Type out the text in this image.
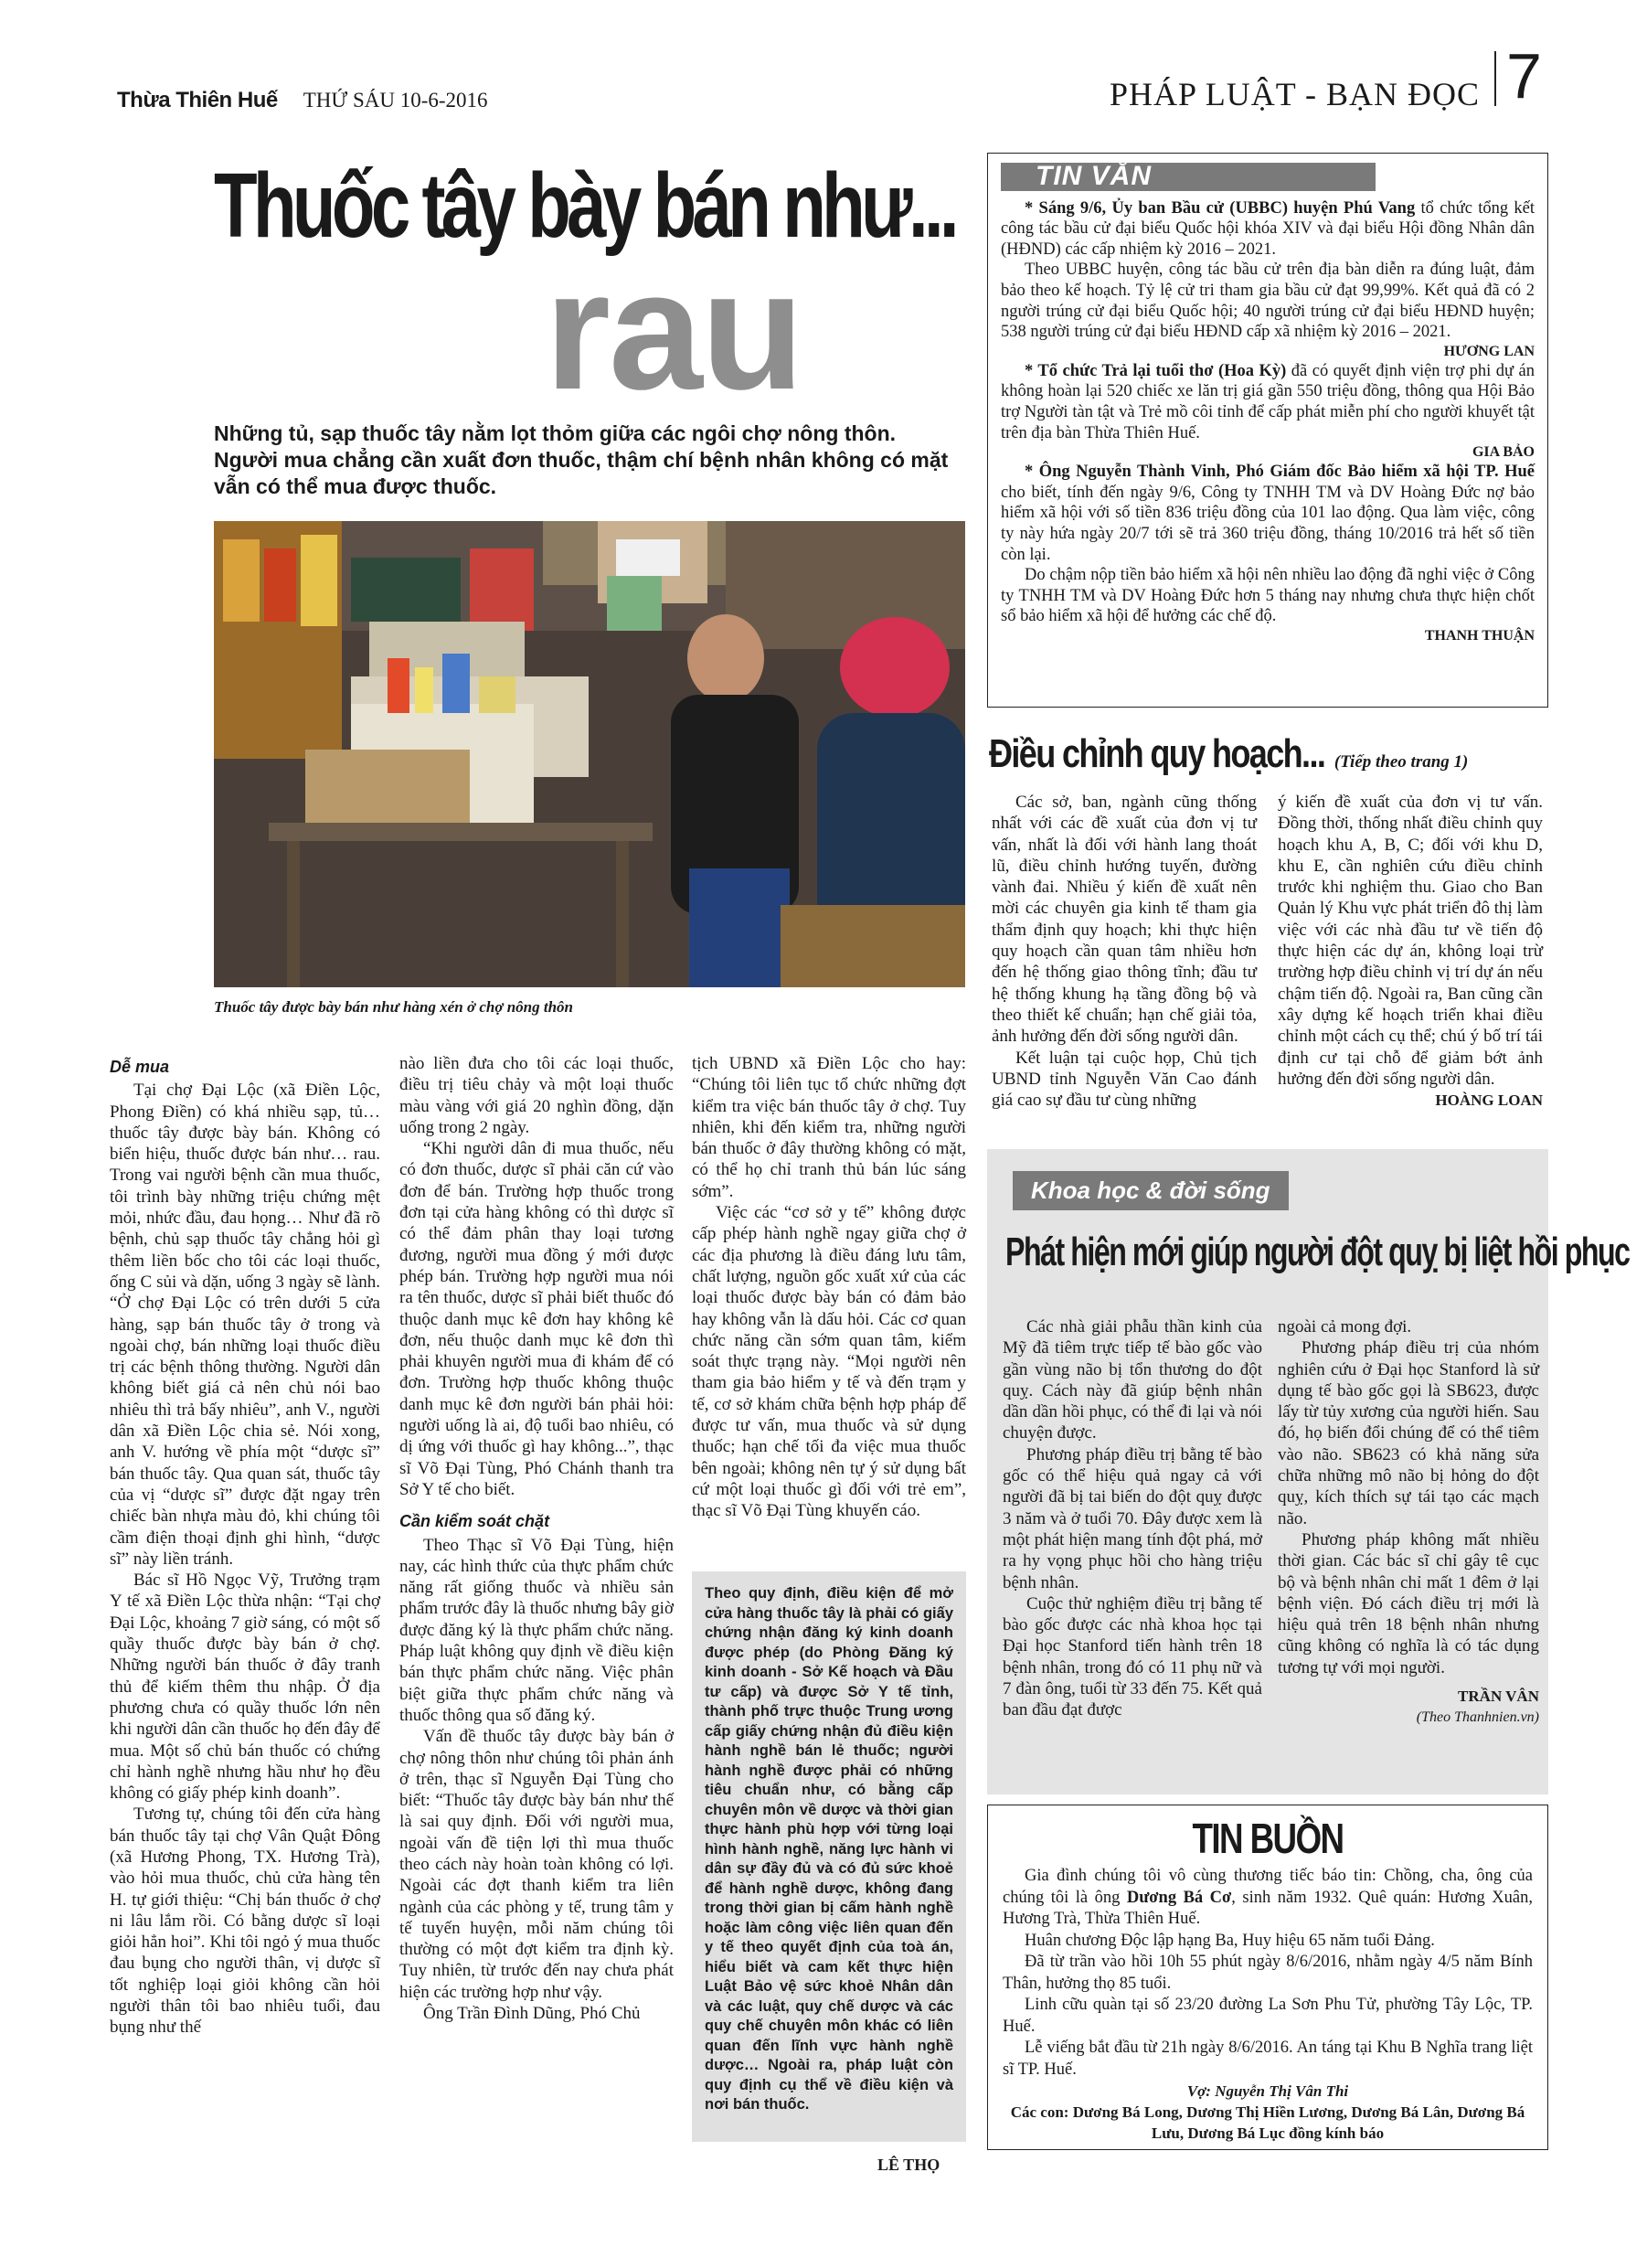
Thừa Thiên Huế THỨ SÁU 10-6-2016	PHÁP LUẬT - BẠN ĐỌC 7
Thuốc tây bày bán như...
rau
Những tủ, sạp thuốc tây nằm lọt thỏm giữa các ngôi chợ nông thôn. Người mua chẳng cần xuất đơn thuốc, thậm chí bệnh nhân không có mặt vẫn có thể mua được thuốc.
Thuốc tây được bày bán như hàng xén ở chợ nông thôn
Dễ mua

Tại chợ Đại Lộc (xã Điền Lộc, Phong Điền) có khá nhiều sạp, tủ… thuốc tây được bày bán. Không có biển hiệu, thuốc được bán như… rau. Trong vai người bệnh cần mua thuốc, tôi trình bày những triệu chứng mệt mỏi, nhức đầu, đau họng… Như đã rõ bệnh, chủ sạp thuốc tây chẳng hỏi gì thêm liền bốc cho tôi các loại thuốc, ống C sủi và dặn, uống 3 ngày sẽ lành. “Ở chợ Đại Lộc có trên dưới 5 cửa hàng, sạp bán thuốc tây ở trong và ngoài chợ, bán những loại thuốc điều trị các bệnh thông thường. Người dân không biết giá cả nên chủ nói bao nhiêu thì trả bấy nhiêu”, anh V., người dân xã Điền Lộc chia sẻ. Nói xong, anh V. hướng về phía một “dược sĩ” bán thuốc tây. Qua quan sát, thuốc tây của vị “dược sĩ” được đặt ngay trên chiếc bàn nhựa màu đỏ, khi chúng tôi cầm điện thoại định ghi hình, “dược sĩ” này liền tránh.

Bác sĩ Hồ Ngọc Vỹ, Trưởng trạm Y tế xã Điền Lộc thừa nhận: “Tại chợ Đại Lộc, khoảng 7 giờ sáng, có một số quầy thuốc được bày bán ở chợ. Những người bán thuốc ở đây tranh thủ để kiếm thêm thu nhập. Ở địa phương chưa có quầy thuốc lớn nên khi người dân cần thuốc họ đến đây để mua. Một số chủ bán thuốc có chứng chỉ hành nghề nhưng hầu như họ đều không có giấy phép kinh doanh”.

Tương tự, chúng tôi đến cửa hàng bán thuốc tây tại chợ Vân Quật Đông (xã Hương Phong, TX. Hương Trà), vào hỏi mua thuốc, chủ cửa hàng tên H. tự giới thiệu: “Chị bán thuốc ở chợ ni lâu lắm rồi. Có bằng dược sĩ loại giỏi hẳn hoi”. Khi tôi ngỏ ý mua thuốc đau bụng cho người thân, vị dược sĩ tốt nghiệp loại giỏi không cần hỏi người thân tôi bao nhiêu tuổi, đau bụng như thế

nào liền đưa cho tôi các loại thuốc, điều trị tiêu chảy và một loại thuốc màu vàng với giá 20 nghìn đồng, dặn uống trong 2 ngày.

“Khi người dân đi mua thuốc, nếu có đơn thuốc, dược sĩ phải căn cứ vào đơn để bán. Trường hợp thuốc trong đơn tại cửa hàng không có thì dược sĩ có thể đảm phân thay loại tương đương, người mua đồng ý mới được phép bán. Trường hợp người mua nói ra tên thuốc, dược sĩ phải biết thuốc đó thuộc danh mục kê đơn hay không kê đơn, nếu thuộc danh mục kê đơn thì phải khuyên người mua đi khám để có đơn. Trường hợp thuốc không thuộc danh mục kê đơn người bán phải hỏi: người uống là ai, độ tuổi bao nhiêu, có dị ứng với thuốc gì hay không...”, thạc sĩ Võ Đại Tùng, Phó Chánh thanh tra Sở Y tế cho biết.

Cần kiểm soát chặt

Theo Thạc sĩ Võ Đại Tùng, hiện nay, các hình thức của thực phẩm chức năng rất giống thuốc và nhiều sản phẩm trước đây là thuốc nhưng bây giờ được đăng ký là thực phẩm chức năng. Pháp luật không quy định về điều kiện bán thực phẩm chức năng. Việc phân biệt giữa thực phẩm chức năng và thuốc thông qua số đăng ký.

Vấn đề thuốc tây được bày bán ở chợ nông thôn như chúng tôi phản ánh ở trên, thạc sĩ Nguyễn Đại Tùng cho biết: “Thuốc tây được bày bán như thế là sai quy định. Đối với người mua, ngoài vấn đề tiện lợi thì mua thuốc theo cách này hoàn toàn không có lợi. Ngoài các đợt thanh kiểm tra liên ngành của các phòng y tế, trung tâm y tế tuyến huyện, mỗi năm chúng tôi thường có một đợt kiểm tra định kỳ. Tuy nhiên, từ trước đến nay chưa phát hiện các trường hợp như vậy.

Ông Trần Đình Dũng, Phó Chủ

tịch UBND xã Điền Lộc cho hay: “Chúng tôi liên tục tổ chức những đợt kiểm tra việc bán thuốc tây ở chợ. Tuy nhiên, khi đến kiểm tra, những người bán thuốc ở đây thường không có mặt, có thể họ chỉ tranh thủ bán lúc sáng sớm”.

Việc các “cơ sở y tế” không được cấp phép hành nghề ngay giữa chợ ở các địa phương là điều đáng lưu tâm, chất lượng, nguồn gốc xuất xứ của các loại thuốc được bày bán có đảm bảo hay không vẫn là dấu hỏi. Các cơ quan chức năng cần sớm quan tâm, kiểm soát thực trạng này. “Mọi người nên tham gia bảo hiểm y tế và đến trạm y tế, cơ sở khám chữa bệnh hợp pháp để được tư vấn, mua thuốc và sử dụng thuốc; hạn chế tối đa việc mua thuốc bên ngoài; không nên tự ý sử dụng bất cứ một loại thuốc gì đối với trẻ em”, thạc sĩ Võ Đại Tùng khuyến cáo.

Theo quy định, điều kiện để mở cửa hàng thuốc tây là phải có giấy chứng nhận đăng ký kinh doanh được phép (do Phòng Đăng ký kinh doanh - Sở Kế hoạch và Đầu tư cấp) và được Sở Y tế tỉnh, thành phố trực thuộc Trung ương cấp giấy chứng nhận đủ điều kiện hành nghề bán lẻ thuốc; người hành nghề được phải có những tiêu chuẩn như, có bằng cấp chuyên môn về dược và thời gian thực hành phù hợp với từng loại hình hành nghề, năng lực hành vi dân sự đầy đủ và có đủ sức khoẻ để hành nghề dược, không đang trong thời gian bị cấm hành nghề hoặc làm công việc liên quan đến y tế theo quyết định của toà án, hiểu biết và cam kết thực hiện Luật Bảo vệ sức khoẻ Nhân dân và các luật, quy chế dược và các quy chế chuyên môn khác có liên quan đến lĩnh vực hành nghề dược… Ngoài ra, pháp luật còn quy định cụ thể về điều kiện và nơi bán thuốc.
LÊ THỌ
TIN VẮN

* Sáng 9/6, Ủy ban Bầu cử (UBBC) huyện Phú Vang tổ chức tổng kết công tác bầu cử đại biểu Quốc hội khóa XIV và đại biểu Hội đồng Nhân dân (HĐND) các cấp nhiệm kỳ 2016 – 2021.

Theo UBBC huyện, công tác bầu cử trên địa bàn diễn ra đúng luật, đảm bảo theo kế hoạch. Tỷ lệ cử tri tham gia bầu cử đạt 99,99%. Kết quả đã có 2 người trúng cử đại biểu Quốc hội; 40 người trúng cử đại biểu HĐND huyện; 538 người trúng cử đại biểu HĐND cấp xã nhiệm kỳ 2016 – 2021.

HƯƠNG LAN

* Tổ chức Trả lại tuổi thơ (Hoa Kỳ) đã có quyết định viện trợ phi dự án không hoàn lại 520 chiếc xe lăn trị giá gần 550 triệu đồng, thông qua Hội Bảo trợ Người tàn tật và Trẻ mồ côi tỉnh để cấp phát miễn phí cho người khuyết tật trên địa bàn Thừa Thiên Huế.

GIA BẢO

* Ông Nguyễn Thành Vinh, Phó Giám đốc Bảo hiểm xã hội TP. Huế cho biết, tính đến ngày 9/6, Công ty TNHH TM và DV Hoàng Đức nợ bảo hiểm xã hội với số tiền 836 triệu đồng của 101 lao động. Qua làm việc, công ty này hứa ngày 20/7 tới sẽ trả 360 triệu đồng, tháng 10/2016 trả hết số tiền còn lại.

Do chậm nộp tiền bảo hiểm xã hội nên nhiều lao động đã nghỉ việc ở Công ty TNHH TM và DV Hoàng Đức hơn 5 tháng nay nhưng chưa thực hiện chốt sổ bảo hiểm xã hội để hưởng các chế độ.

THANH THUẬN

Điều chỉnh quy hoạch... (Tiếp theo trang 1)

Các sở, ban, ngành cũng thống nhất với các đề xuất của đơn vị tư vấn, nhất là đối với hành lang thoát lũ, điều chỉnh hướng tuyến, đường vành đai. Nhiều ý kiến đề xuất nên mời các chuyên gia kinh tế tham gia thẩm định quy hoạch; khi thực hiện quy hoạch cần quan tâm nhiều hơn đến hệ thống giao thông tĩnh; đầu tư hệ thống khung hạ tầng đồng bộ và theo thiết kế chuẩn; hạn chế giải tỏa, ảnh hưởng đến đời sống người dân.

Kết luận tại cuộc họp, Chủ tịch UBND tỉnh Nguyễn Văn Cao đánh giá cao sự đầu tư cùng những

ý kiến đề xuất của đơn vị tư vấn. Đồng thời, thống nhất điều chỉnh quy hoạch khu A, B, C; đối với khu D, khu E, cần nghiên cứu điều chỉnh trước khi nghiệm thu. Giao cho Ban Quản lý Khu vực phát triển đô thị làm việc với các nhà đầu tư về tiến độ thực hiện các dự án, không loại trừ trường hợp điều chỉnh vị trí dự án nếu chậm tiến độ. Ngoài ra, Ban cũng cần xây dựng kế hoạch triển khai điều chỉnh một cách cụ thể; chú ý bố trí tái định cư tại chỗ để giảm bớt ảnh hưởng đến đời sống người dân.

HOÀNG LOAN

Khoa học & đời sống
Phát hiện mới giúp người đột quỵ bị liệt hồi phục

Các nhà giải phẫu thần kinh của Mỹ đã tiêm trực tiếp tế bào gốc vào gần vùng não bị tổn thương do đột quỵ. Cách này đã giúp bệnh nhân dần dần hồi phục, có thể đi lại và nói chuyện được.

Phương pháp điều trị bằng tế bào gốc có thể hiệu quả ngay cả với người đã bị tai biến do đột quỵ được 3 năm và ở tuổi 70. Đây được xem là một phát hiện mang tính đột phá, mở ra hy vọng phục hồi cho hàng triệu bệnh nhân.

Cuộc thử nghiệm điều trị bằng tế bào gốc được các nhà khoa học tại Đại học Stanford tiến hành trên 18 bệnh nhân, trong đó có 11 phụ nữ và 7 đàn ông, tuổi từ 33 đến 75. Kết quả ban đầu đạt được

ngoài cả mong đợi.

Phương pháp điều trị của nhóm nghiên cứu ở Đại học Stanford là sử dụng tế bào gốc gọi là SB623, được lấy từ tủy xương của người hiến. Sau đó, họ biến đổi chúng để có thể tiêm vào não. SB623 có khả năng sửa chữa những mô não bị hỏng do đột quỵ, kích thích sự tái tạo các mạch não.

Phương pháp không mất nhiều thời gian. Các bác sĩ chỉ gây tê cục bộ và bệnh nhân chỉ mất 1 đêm ở lại bệnh viện. Đó cách điều trị mới là hiệu quả trên 18 bệnh nhân nhưng cũng không có nghĩa là có tác dụng tương tự với mọi người.

TRẦN VÂN

(Theo Thanhnien.vn)

TIN BUỒN

Gia đình chúng tôi vô cùng thương tiếc báo tin: Chồng, cha, ông của chúng tôi là ông Dương Bá Cơ, sinh năm 1932. Quê quán: Hương Xuân, Hương Trà, Thừa Thiên Huế.

Huân chương Độc lập hạng Ba, Huy hiệu 65 năm tuổi Đảng.

Đã từ trần vào hồi 10h 55 phút ngày 8/6/2016, nhằm ngày 4/5 năm Bính Thân, hưởng thọ 85 tuổi.

Linh cữu quàn tại số 23/20 đường La Sơn Phu Tử, phường Tây Lộc, TP. Huế.

Lễ viếng bắt đầu từ 21h ngày 8/6/2016. An táng tại Khu B Nghĩa trang liệt sĩ TP. Huế.

Vợ: Nguyễn Thị Vân Thi

Các con: Dương Bá Long, Dương Thị Hiền Lương, Dương Bá Lân, Dương Bá Lưu, Dương Bá Lục đồng kính báo
